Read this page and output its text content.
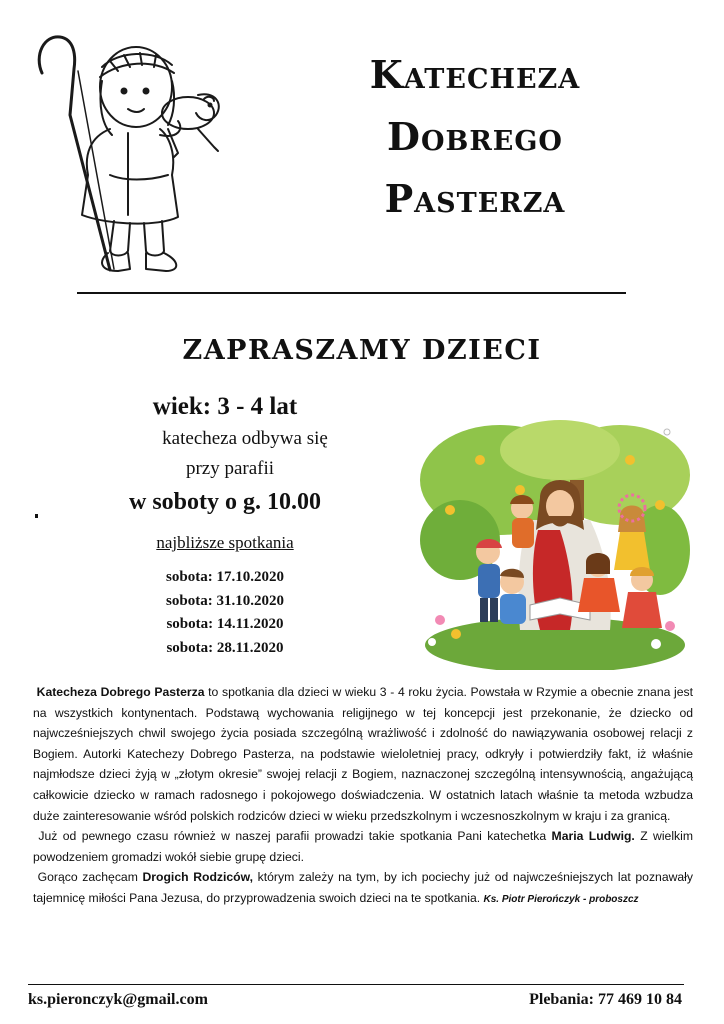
Katecheza
Dobrego
Pasterza
ZAPRASZAMY DZIECI
wiek: 3 - 4 lat
katecheza odbywa się
przy parafii
w soboty o g. 10.00
najbliższe spotkania
sobota: 17.10.2020
sobota: 31.10.2020
sobota: 14.11.2020
sobota: 28.11.2020

Katecheza Dobrego Pasterza to spotkania dla dzieci w wieku 3 - 4 roku życia. Powstała w Rzymie a obecnie znana jest na wszystkich kontynentach. Podstawą wychowania religijnego w tej koncepcji jest przekonanie, że dziecko od najwcześniejszych chwil swojego życia posiada szczególną wrażliwość i zdolność do nawiązywania osobowej relacji z Bogiem. Autorki Katechezy Dobrego Pasterza, na podstawie wieloletniej pracy, odkryły i potwierdziły fakt, iż właśnie najmłodsze dzieci żyją w „złotym okresie” swojej relacji z Bogiem, naznaczonej szczególną intensywnością, angażującą całkowicie dziecko w ramach radosnego i pokojowego doświadczenia. W ostatnich latach właśnie ta metoda wzbudza duże zainteresowanie wśród polskich rodziców dzieci w wieku przedszkolnym i wczesnoszkolnym w kraju i za granicą.

Już od pewnego czasu również w naszej parafii prowadzi takie spotkania Pani katechetka Maria Ludwig. Z wielkim powodzeniem gromadzi wokół siebie grupę dzieci.

Gorąco zachęcam Drogich Rodziców, którym zależy na tym, by ich pociechy już od najwcześniejszych lat poznawały tajemnicę miłości Pana Jezusa, do przyprowadzenia swoich dzieci na te spotkania. Ks. Piotr Pierończyk - proboszcz

ks.pieronczyk@gmail.com	Plebania: 77 469 10 84
